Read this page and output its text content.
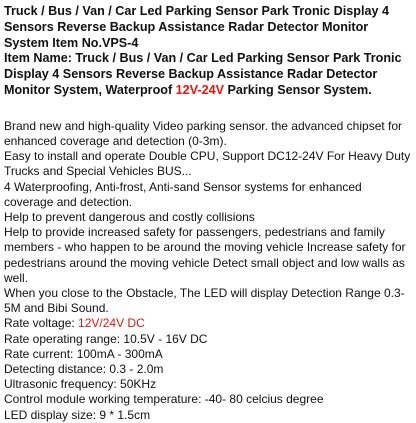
Truck / Bus / Van / Car Led Parking Sensor Park Tronic Display 4 Sensors Reverse Backup Assistance Radar Detector Monitor System Item No.VPS-4

Item Name: Truck / Bus / Van / Car Led Parking Sensor Park Tronic Display 4 Sensors Reverse Backup Assistance Radar Detector Monitor System, Waterproof 12V-24V Parking Sensor System.

Brand new and high-quality Video parking sensor. the advanced chipset for enhanced coverage and detection (0-3m).

Easy to install and operate Double CPU, Support DC12-24V For Heavy Duty Trucks and Special Vehicles BUS...

4 Waterproofing, Anti-frost, Anti-sand Sensor systems for enhanced coverage and detection.

Help to prevent dangerous and costly collisions

Help to provide increased safety for passengers, pedestrians and family members - who happen to be around the moving vehicle Increase safety for pedestrians around the moving vehicle Detect small object and low walls as well.

When you close to the Obstacle, The LED will display Detection Range 0.3-5M and Bibi Sound.

Rate voltage: 12V/24V DC

Rate operating range: 10.5V - 16V DC

Rate current: 100mA - 300mA

Detecting distance: 0.3 - 2.0m

Ultrasonic frequency: 50KHz

Control module working temperature: -40- 80 celcius degree

LED display size: 9 * 1.5cm
